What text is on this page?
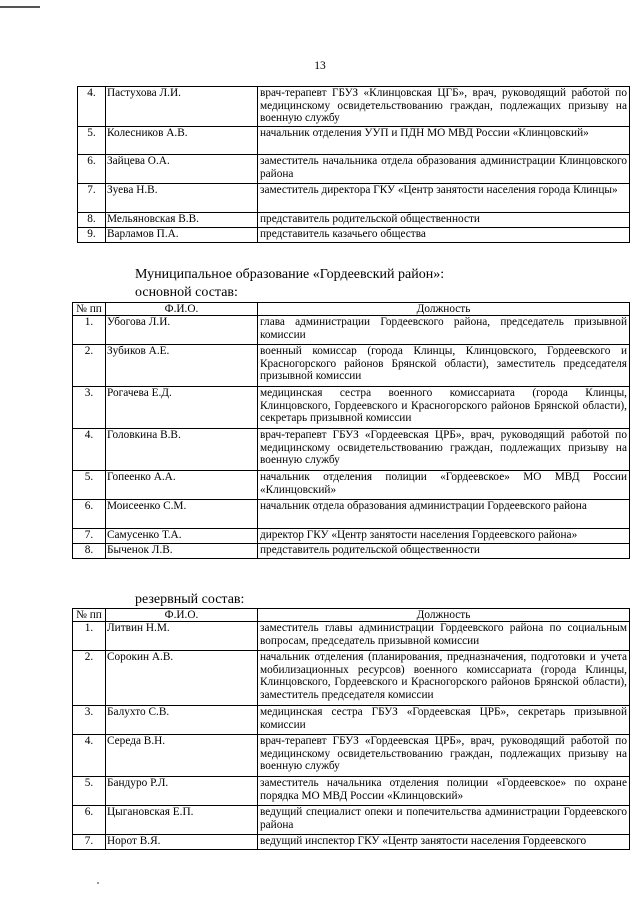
13
4.	Пастухова Л.И.	врач-терапевт ГБУЗ «Клинцовская ЦГБ», врач, руководящий работой по медицинскому освидетельствованию граждан, подлежащих призыву на военную службу
5.	Колесников А.В.	начальник отделения УУП и ПДН МО МВД России «Клинцовский»
6.	Зайцева О.А.	заместитель начальника отдела образования администрации Клинцовского района
7.	Зуева Н.В.	заместитель директора ГКУ «Центр занятости населения города Клинцы»
8.	Мельяновская В.В.	представитель родительской общественности
9.	Варламов П.А.	представитель казачьего общества
Муниципальное образование «Гордеевский район»:
основной состав:
№ пп	Ф.И.О.	Должность
1.	Убогова Л.И.	глава администрации Гордеевского района, председатель призывной комиссии
2.	Зубиков А.Е.	военный комиссар (города Клинцы, Клинцовского, Гордеевского и Красногорского районов Брянской области), заместитель председателя призывной комиссии
3.	Рогачева Е.Д.	медицинская сестра военного комиссариата (города Клинцы, Клинцовского, Гордеевского и Красногорского районов Брянской области), секретарь призывной комиссии
4.	Головкина В.В.	врач-терапевт ГБУЗ «Гордеевская ЦРБ», врач, руководящий работой по медицинскому освидетельствованию граждан, подлежащих призыву на военную службу
5.	Гопеенко А.А.	начальник отделения полиции «Гордеевское» МО МВД России «Клинцовский»
6.	Моисеенко С.М.	начальник отдела образования администрации Гордеевского района
7.	Самусенко Т.А.	директор ГКУ «Центр занятости населения Гордеевского района»
8.	Быченок Л.В.	представитель родительской общественности
резервный состав:
№ пп	Ф.И.О.	Должность
1.	Литвин Н.М.	заместитель главы администрации Гордеевского района по социальным вопросам, председатель призывной комиссии
2.	Сорокин А.В.	начальник отделения (планирования, предназначения, подготовки и учета мобилизационных ресурсов) военного комиссариата (города Клинцы, Клинцовского, Гордеевского и Красногорского районов Брянской области), заместитель председателя комиссии
3.	Балухто С.В.	медицинская сестра ГБУЗ «Гордеевская ЦРБ», секретарь призывной комиссии
4.	Середа В.Н.	врач-терапевт ГБУЗ «Гордеевская ЦРБ», врач, руководящий работой по медицинскому освидетельствованию граждан, подлежащих призыву на военную службу
5.	Бандуро Р.Л.	заместитель начальника отделения полиции «Гордеевское» по охране порядка МО МВД России «Клинцовский»
6.	Цыгановская Е.П.	ведущий специалист опеки и попечительства администрации Гордеевского района
7.	Норот В.Я.	ведущий инспектор ГКУ «Центр занятости населения Гордеевского
